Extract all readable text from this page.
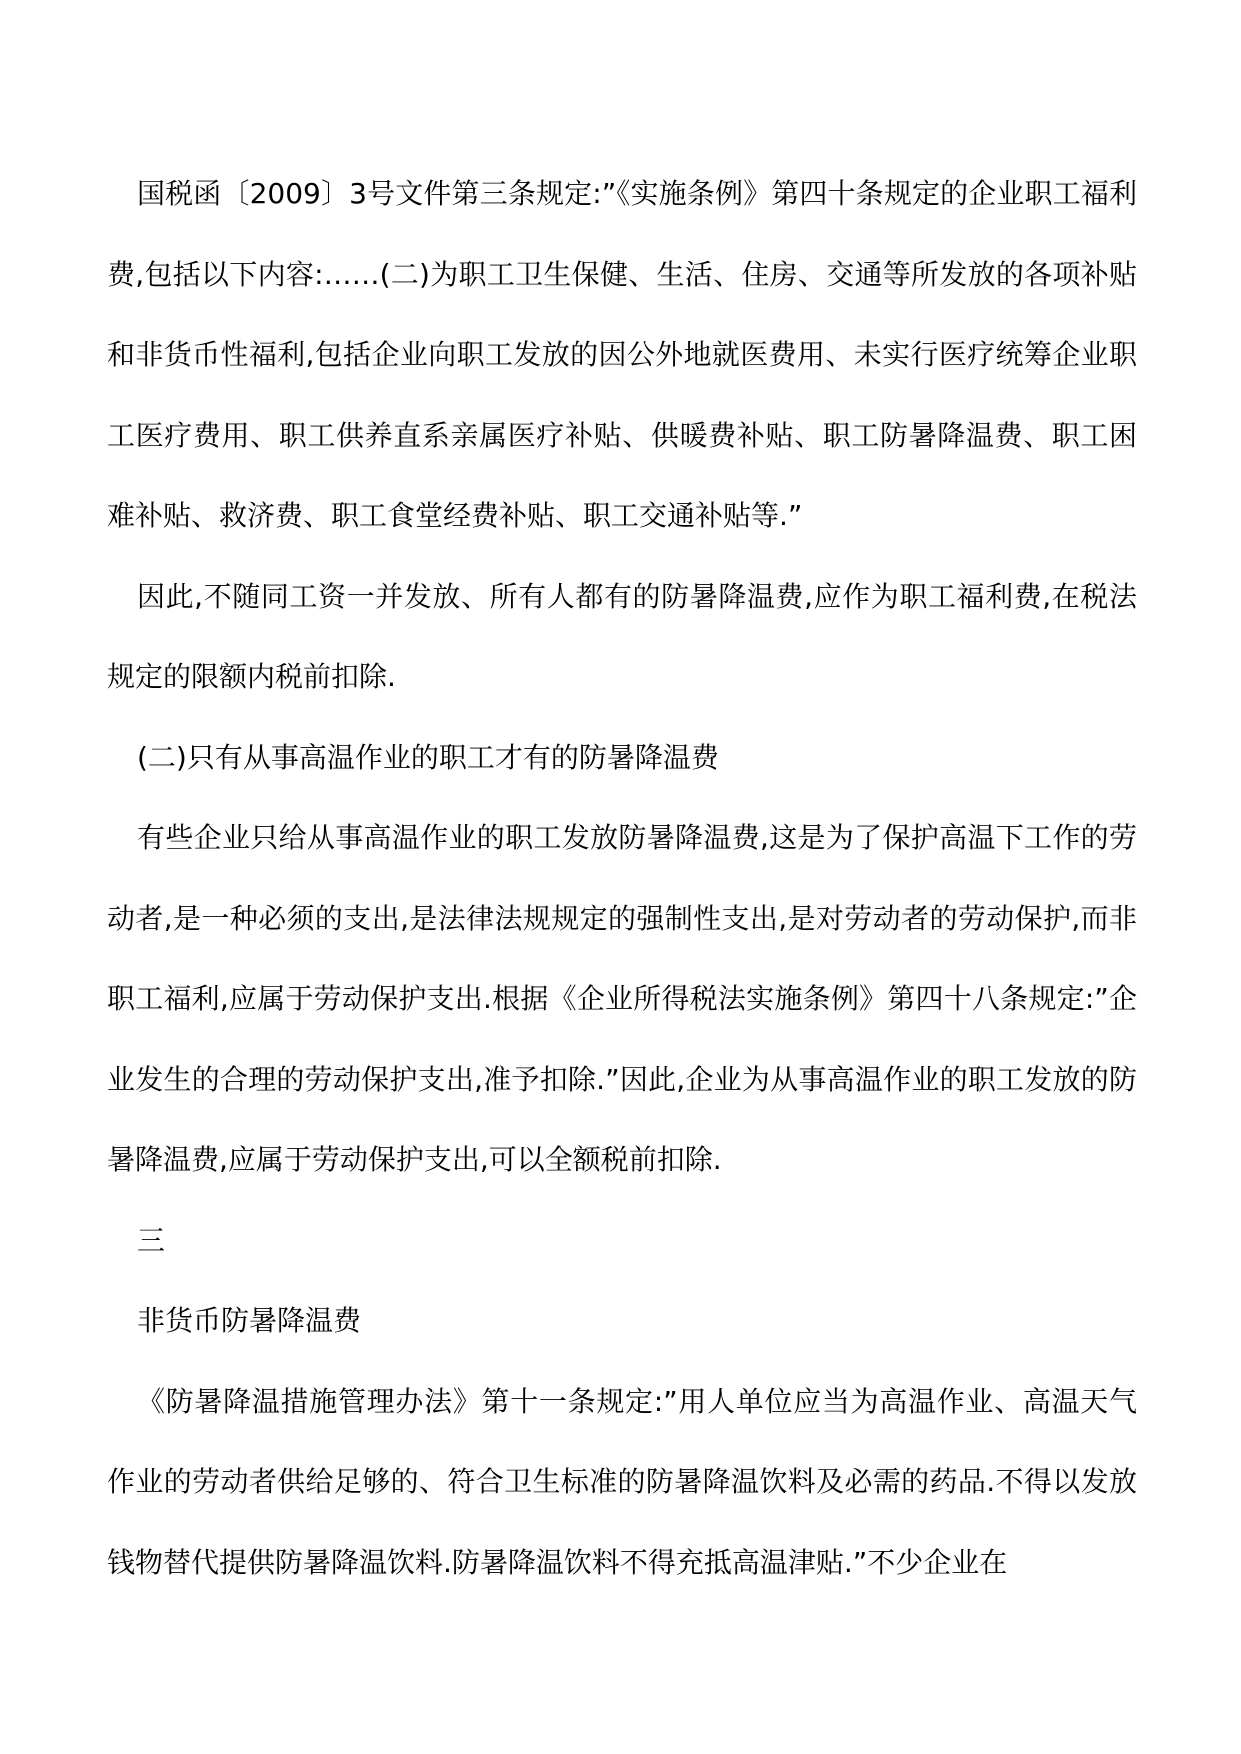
国税函〔2009〕3号文件第三条规定:”《实施条例》第四十条规定的企业职工福利费,包括以下内容:……(二)为职工卫生保健、生活、住房、交通等所发放的各项补贴和非货币性福利,包括企业向职工发放的因公外地就医费用、未实行医疗统筹企业职工医疗费用、职工供养直系亲属医疗补贴、供暖费补贴、职工防暑降温费、职工困难补贴、救济费、职工食堂经费补贴、职工交通补贴等.”

因此,不随同工资一并发放、所有人都有的防暑降温费,应作为职工福利费,在税法规定的限额内税前扣除.

(二)只有从事高温作业的职工才有的防暑降温费

有些企业只给从事高温作业的职工发放防暑降温费,这是为了保护高温下工作的劳动者,是一种必须的支出,是法律法规规定的强制性支出,是对劳动者的劳动保护,而非职工福利,应属于劳动保护支出.根据《企业所得税法实施条例》第四十八条规定:”企业发生的合理的劳动保护支出,准予扣除.”因此,企业为从事高温作业的职工发放的防暑降温费,应属于劳动保护支出,可以全额税前扣除.

三

非货币防暑降温费

《防暑降温措施管理办法》第十一条规定:”用人单位应当为高温作业、高温天气作业的劳动者供给足够的、符合卫生标准的防暑降温饮料及必需的药品.不得以发放钱物替代提供防暑降温饮料.防暑降温饮料不得充抵高温津贴.”不少企业在
